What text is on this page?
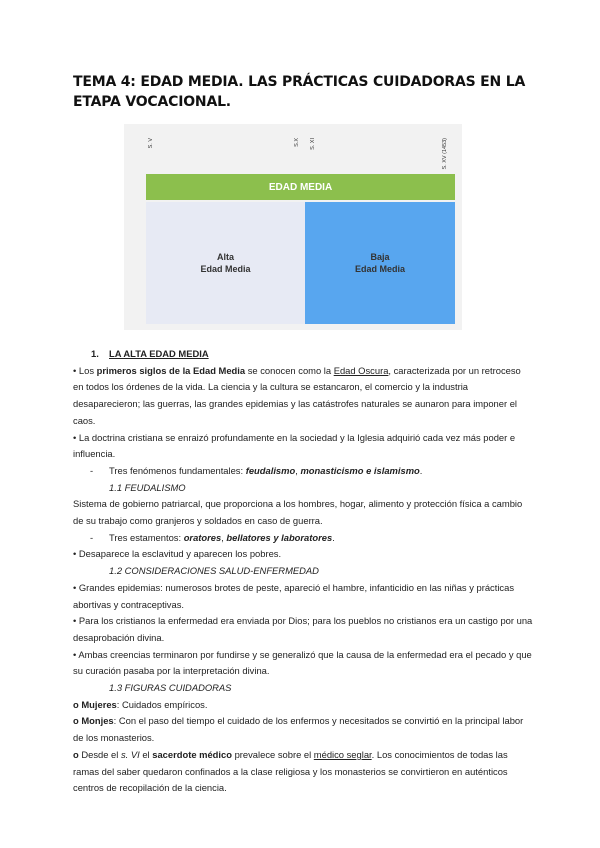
TEMA 4: EDAD MEDIA. LAS PRÁCTICAS CUIDADORAS EN LA ETAPA VOCACIONAL.
S. V	S.X S. XI	S. XV (1453)
EDAD MEDIA
Alta
Edad Media
Baja
Edad Media

1. LA ALTA EDAD MEDIA

• Los primeros siglos de la Edad Media se conocen como la Edad Oscura, caracterizada por un retroceso en todos los órdenes de la vida. La ciencia y la cultura se estancaron, el comercio y la industria desaparecieron; las guerras, las grandes epidemias y las catástrofes naturales se aunaron para imponer el caos.

• La doctrina cristiana se enraizó profundamente en la sociedad y la Iglesia adquirió cada vez más poder e influencia.

- Tres fenómenos fundamentales: feudalismo, monasticismo e islamismo.

1.1 FEUDALISMO

Sistema de gobierno patriarcal, que proporciona a los hombres, hogar, alimento y protección física a cambio de su trabajo como granjeros y soldados en caso de guerra.

- Tres estamentos: oratores, bellatores y laboratores.

• Desaparece la esclavitud y aparecen los pobres.

1.2 CONSIDERACIONES SALUD-ENFERMEDAD

• Grandes epidemias: numerosos brotes de peste, apareció el hambre, infanticidio en las niñas y prácticas abortivas y contraceptivas.

• Para los cristianos la enfermedad era enviada por Dios; para los pueblos no cristianos era un castigo por una desaprobación divina.

• Ambas creencias terminaron por fundirse y se generalizó que la causa de la enfermedad era el pecado y que su curación pasaba por la interpretación divina.

1.3 FIGURAS CUIDADORAS

o Mujeres: Cuidados empíricos.

o Monjes: Con el paso del tiempo el cuidado de los enfermos y necesitados se convirtió en la principal labor de los monasterios.

o Desde el s. VI el sacerdote médico prevalece sobre el médico seglar. Los conocimientos de todas las ramas del saber quedaron confinados a la clase religiosa y los monasterios se convirtieron en auténticos centros de recopilación de la ciencia.
